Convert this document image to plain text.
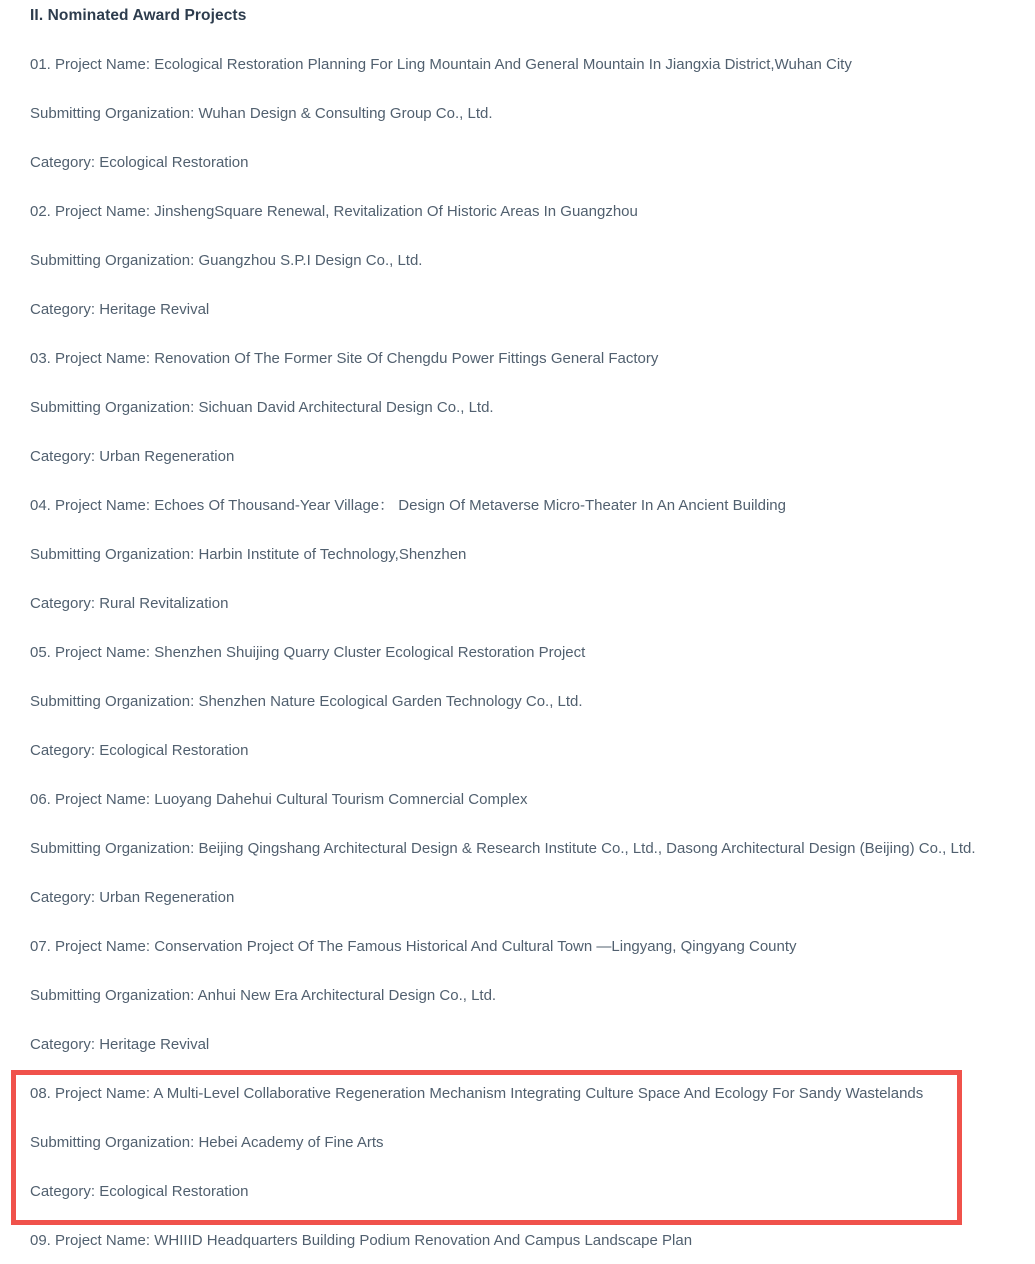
II. Nominated Award Projects

01. Project Name: Ecological Restoration Planning For Ling Mountain And General Mountain In Jiangxia District,Wuhan City

Submitting Organization: Wuhan Design & Consulting Group Co., Ltd.

Category: Ecological Restoration

02. Project Name: JinshengSquare Renewal, Revitalization Of Historic Areas In Guangzhou

Submitting Organization: Guangzhou S.P.I Design Co., Ltd.

Category: Heritage Revival

03. Project Name: Renovation Of The Former Site Of Chengdu Power Fittings General Factory

Submitting Organization: Sichuan David Architectural Design Co., Ltd.

Category: Urban Regeneration

04. Project Name: Echoes Of Thousand-Year Village： Design Of Metaverse Micro-Theater In An Ancient Building

Submitting Organization: Harbin Institute of Technology,Shenzhen

Category: Rural Revitalization

05. Project Name: Shenzhen Shuijing Quarry Cluster Ecological Restoration Project

Submitting Organization: Shenzhen Nature Ecological Garden Technology Co., Ltd.

Category: Ecological Restoration

06. Project Name: Luoyang Dahehui Cultural Tourism Comnercial Complex

Submitting Organization: Beijing Qingshang Architectural Design & Research Institute Co., Ltd., Dasong Architectural Design (Beijing) Co., Ltd.

Category: Urban Regeneration

07. Project Name: Conservation Project Of The Famous Historical And Cultural Town —Lingyang, Qingyang County

Submitting Organization: Anhui New Era Architectural Design Co., Ltd.

Category: Heritage Revival

08. Project Name: A Multi-Level Collaborative Regeneration Mechanism Integrating Culture Space And Ecology For Sandy Wastelands

Submitting Organization: Hebei Academy of Fine Arts

Category: Ecological Restoration

09. Project Name: WHIIID Headquarters Building Podium Renovation And Campus Landscape Plan
